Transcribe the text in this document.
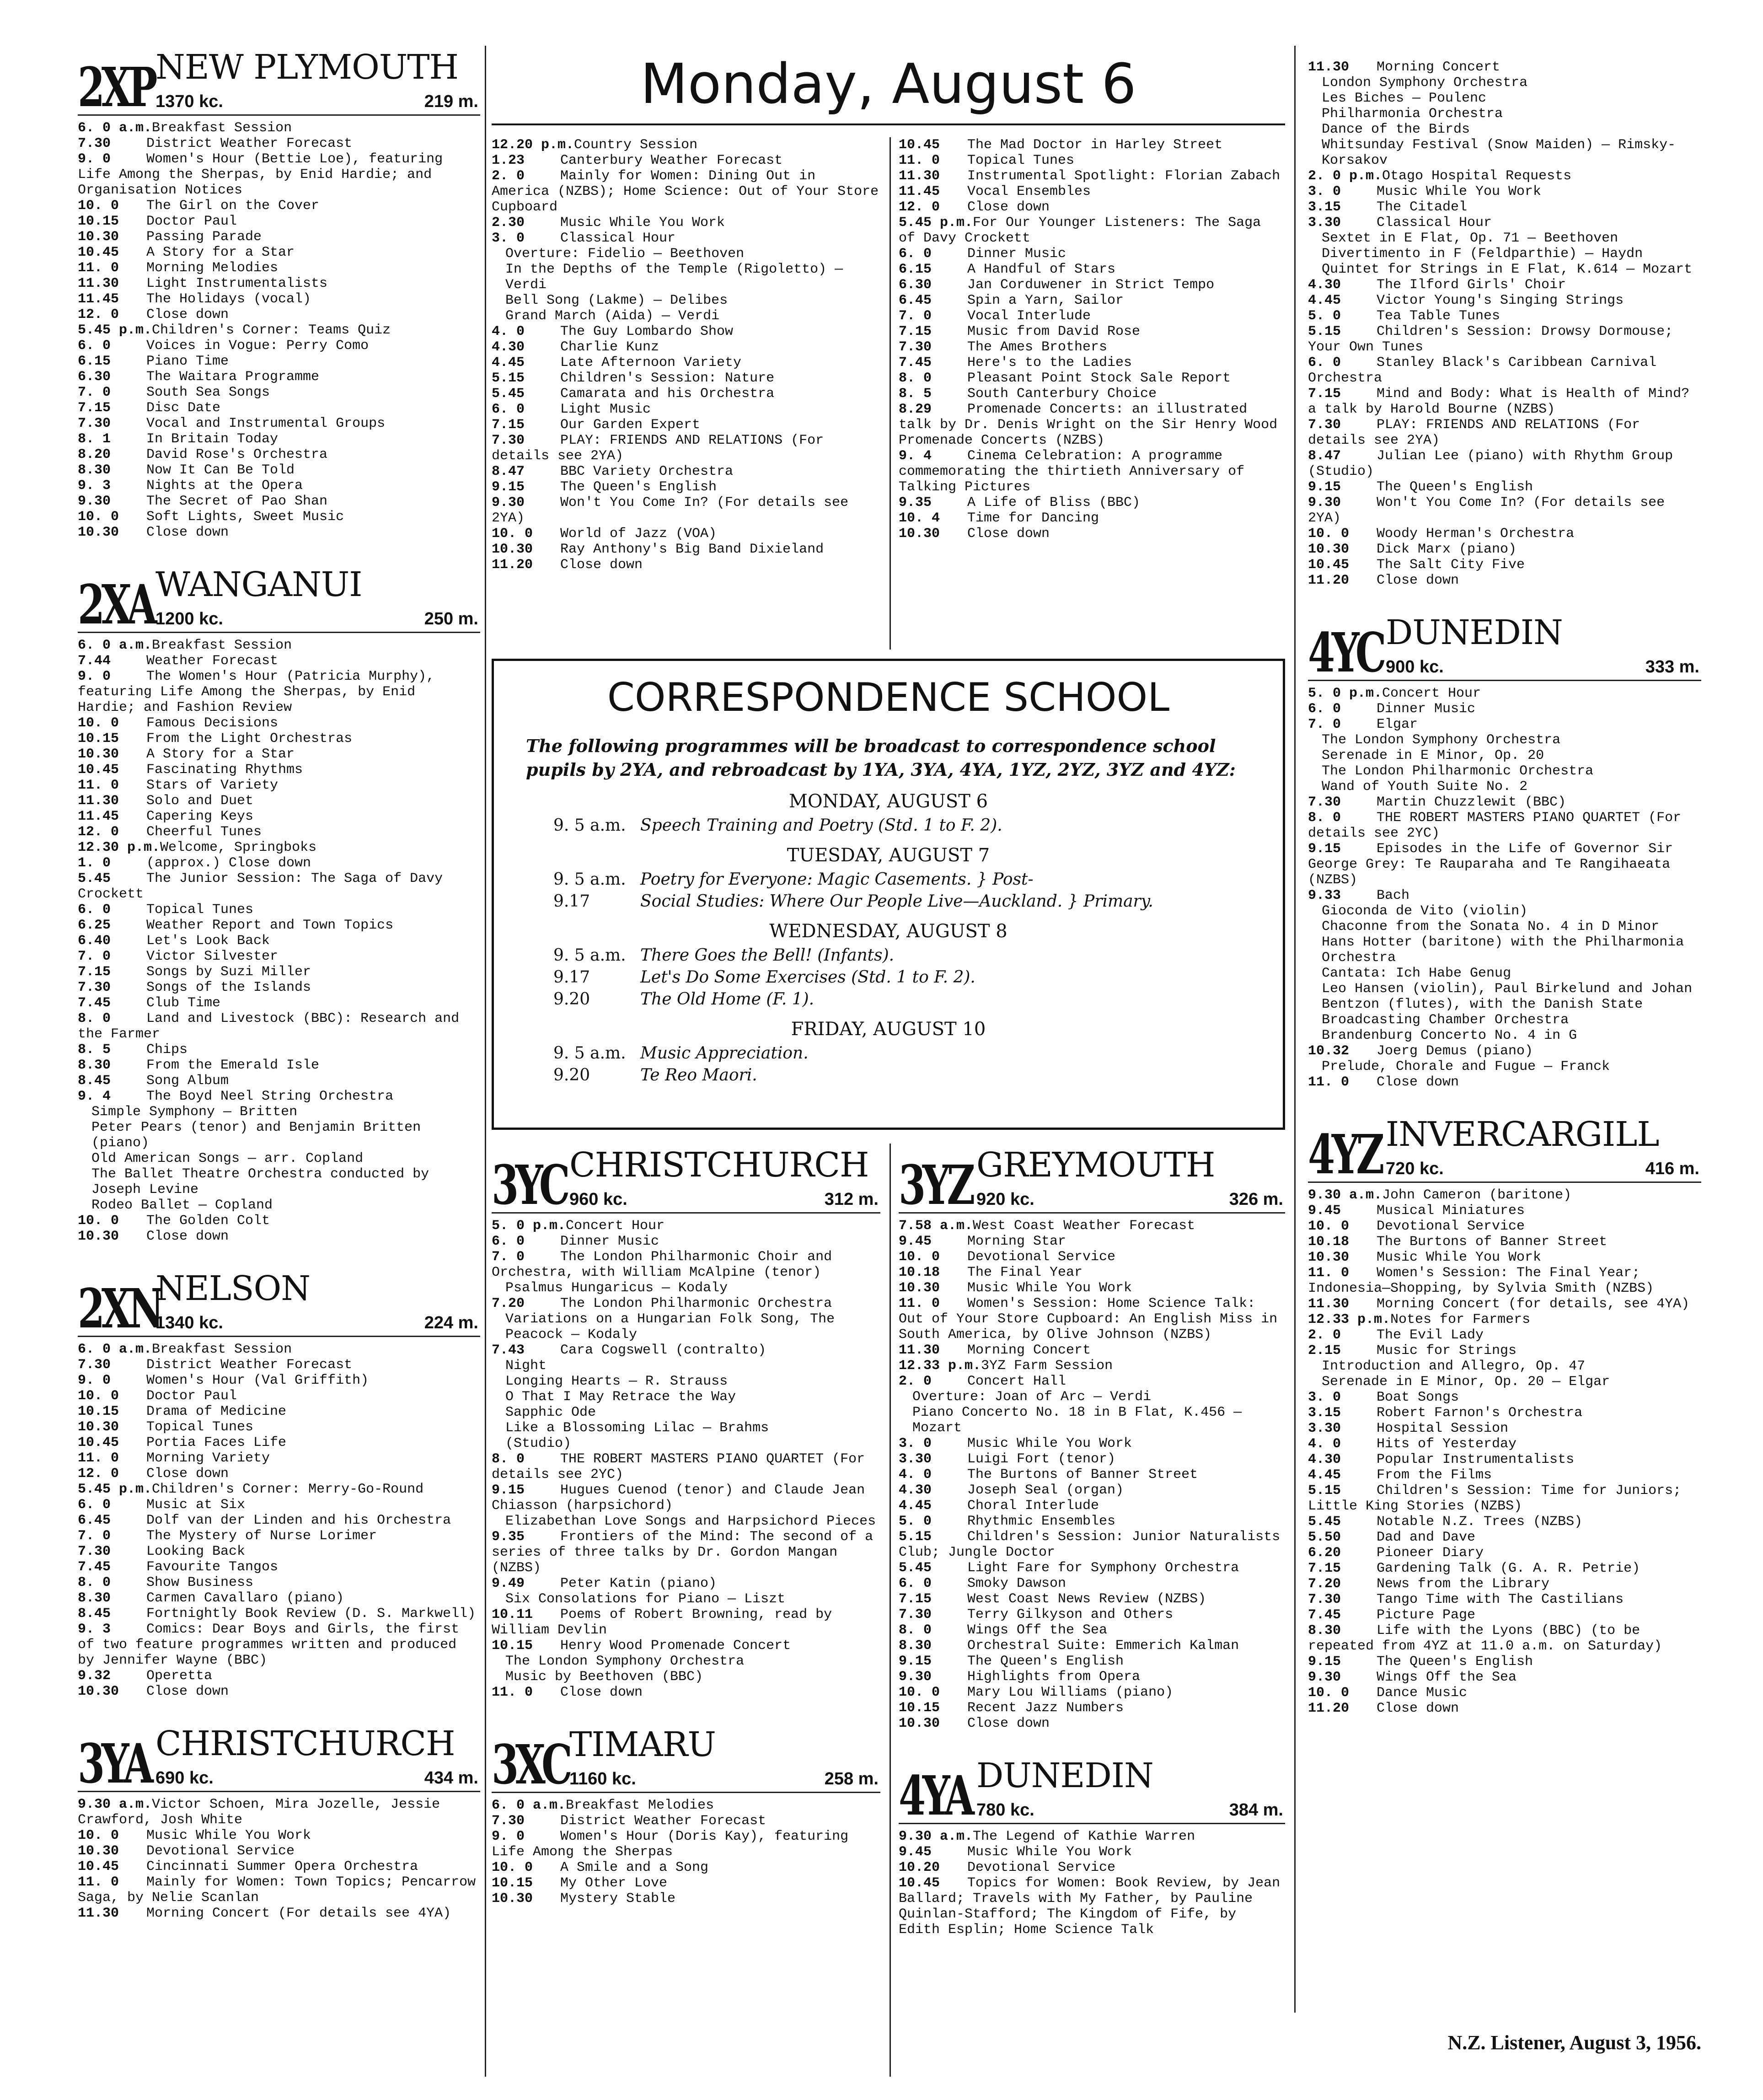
Monday, August 6
2XP NEW PLYMOUTH
1370 kc.	219 m.
6. 0 a.m.Breakfast Session
7.30	District Weather Forecast
9. 0	Women's Hour (Bettie Loe), featuring Life Among the Sherpas, by Enid Hardie; and Organisation Notices
10. 0 The Girl on the Cover
10.15 Doctor Paul
10.30 Passing Parade
10.45 A Story for a Star
11. 0 Morning Melodies
11.30 Light Instrumentalists
11.45 The Holidays (vocal)
12. 0 Close down
5.45 p.m.Children's Corner: Teams Quiz
6. 0	Voices in Vogue: Perry Como
6.15	Piano Time
6.30	The Waitara Programme
7. 0	South Sea Songs
7.15	Disc Date
7.30	Vocal and Instrumental Groups
8. 1	In Britain Today
8.20	David Rose's Orchestra
8.30	Now It Can Be Told
9. 3	Nights at the Opera
9.30	The Secret of Pao Shan
10. 0 Soft Lights, Sweet Music
10.30 Close down
2XA WANGANUI
1200 kc.	250 m.
6. 0 a.m.Breakfast Session
7.44	Weather Forecast
9. 0	The Women's Hour (Patricia Murphy), featuring Life Among the Sherpas, by Enid Hardie; and Fashion Review
10. 0 Famous Decisions
10.15 From the Light Orchestras
10.30 A Story for a Star
10.45 Fascinating Rhythms
11. 0 Stars of Variety
11.30 Solo and Duet
11.45 Capering Keys
12. 0 Cheerful Tunes
12.30 p.m.Welcome, Springboks
1. 0	(approx.) Close down
5.45	The Junior Session: The Saga of Davy Crockett
6. 0	Topical Tunes
6.25	Weather Report and Town Topics
6.40	Let's Look Back
7. 0	Victor Silvester
7.15	Songs by Suzi Miller
7.30	Songs of the Islands
7.45	Club Time
8. 0	Land and Livestock (BBC): Research and the Farmer
8. 5	Chips
8.30	From the Emerald Isle
8.45	Song Album
9. 4	The Boyd Neel String Orchestra
Simple Symphony — Britten
Peter Pears (tenor) and Benjamin Britten (piano)
Old American Songs — arr. Copland
The Ballet Theatre Orchestra conducted by Joseph Levine
Rodeo Ballet — Copland
10. 0 The Golden Colt
10.30 Close down
2XN
NELSON
1340 kc.	224 m.
6. 0 a.m.Breakfast Session
7.30	District Weather Forecast
9. 0	Women's Hour (Val Griffith)
10. 0 Doctor Paul
10.15 Drama of Medicine
10.30 Topical Tunes
10.45 Portia Faces Life
11. 0 Morning Variety
12. 0 Close down
5.45 p.m.Children's Corner: Merry-Go-Round
6. 0	Music at Six
6.45	Dolf van der Linden and his Orchestra
7. 0	The Mystery of Nurse Lorimer
7.30	Looking Back
7.45	Favourite Tangos
8. 0	Show Business
8.30	Carmen Cavallaro (piano)
8.45	Fortnightly Book Review (D. S. Markwell)
9. 3	Comics: Dear Boys and Girls, the first of two feature programmes written and produced by Jennifer Wayne (BBC)
9.32	Operetta
10.30 Close down
3YA CHRISTCHURCH
690 kc.	434 m.
9.30 a.m.Victor Schoen, Mira Jozelle, Jessie Crawford, Josh White
10. 0 Music While You Work
10.30 Devotional Service
10.45 Cincinnati Summer Opera Orchestra
11. 0 Mainly for Women: Town Topics; Pencarrow Saga, by Nelie Scanlan
11.30 Morning Concert (For details see 4YA)
12.20 p.m.Country Session
1.23	Canterbury Weather Forecast
2. 0	Mainly for Women: Dining Out in America (NZBS); Home Science: Out of Your Store Cupboard
2.30	Music While You Work
3. 0	Classical Hour
Overture: Fidelio — Beethoven
In the Depths of the Temple (Rigoletto) — Verdi
Bell Song (Lakme) — Delibes
Grand March (Aida) — Verdi
4. 0	The Guy Lombardo Show
4.30	Charlie Kunz
4.45	Late Afternoon Variety
5.15	Children's Session: Nature
5.45	Camarata and his Orchestra
6. 0	Light Music
7.15	Our Garden Expert
7.30	PLAY: FRIENDS AND RELATIONS (For details see 2YA)
8.47	BBC Variety Orchestra
9.15	The Queen's English
9.30	Won't You Come In? (For details see 2YA)
10. 0 World of Jazz (VOA)
10.30 Ray Anthony's Big Band Dixieland
11.20 Close down
10.45 The Mad Doctor in Harley Street
11. 0 Topical Tunes
11.30 Instrumental Spotlight: Florian Zabach
11.45 Vocal Ensembles
12. 0 Close down
5.45 p.m.For Our Younger Listeners: The Saga of Davy Crockett
6. 0	Dinner Music
6.15	A Handful of Stars
6.30	Jan Corduwener in Strict Tempo
6.45	Spin a Yarn, Sailor
7. 0	Vocal Interlude
7.15	Music from David Rose
7.30	The Ames Brothers
7.45	Here's to the Ladies
8. 0	Pleasant Point Stock Sale Report
8. 5	South Canterbury Choice
8.29	Promenade Concerts: an illustrated talk by Dr. Denis Wright on the Sir Henry Wood Promenade Concerts (NZBS)
9. 4	Cinema Celebration: A programme commemorating the thirtieth Anniversary of Talking Pictures
9.35	A Life of Bliss (BBC)
10. 4 Time for Dancing
10.30 Close down
CORRESPONDENCE SCHOOL
The following programmes will be broadcast to correspondence school pupils by 2YA, and rebroadcast by 1YA, 3YA, 4YA, 1YZ, 2YZ, 3YZ and 4YZ:
MONDAY, AUGUST 6
9. 5 a.m. Speech Training and Poetry (Std. 1 to F. 2).
TUESDAY, AUGUST 7
9. 5 a.m. Poetry for Everyone: Magic Casements. } Post-
9.17	Social Studies: Where Our People Live—Auckland. } Primary.
WEDNESDAY, AUGUST 8
9. 5 a.m. There Goes the Bell! (Infants).
9.17	Let's Do Some Exercises (Std. 1 to F. 2).
9.20	The Old Home (F. 1).
FRIDAY, AUGUST 10
9. 5 a.m. Music Appreciation.
9.20	Te Reo Maori.
3YC CHRISTCHURCH
960 kc.	312 m.
5. 0 p.m.Concert Hour
6. 0	Dinner Music
7. 0	The London Philharmonic Choir and Orchestra, with William McAlpine (tenor)
Psalmus Hungaricus — Kodaly
7.20	The London Philharmonic Orchestra
Variations on a Hungarian Folk Song, The Peacock — Kodaly
7.43	Cara Cogswell (contralto)
Night
Longing Hearts — R. Strauss
O That I May Retrace the Way
Sapphic Ode
Like a Blossoming Lilac — Brahms
(Studio)
8. 0	THE ROBERT MASTERS PIANO QUARTET (For details see 2YC)
9.15	Hugues Cuenod (tenor) and Claude Jean Chiasson (harpsichord)
Elizabethan Love Songs and Harpsichord Pieces
9.35	Frontiers of the Mind: The second of a series of three talks by Dr. Gordon Mangan (NZBS)
9.49	Peter Katin (piano)
Six Consolations for Piano — Liszt
10.11 Poems of Robert Browning, read by William Devlin
10.15 Henry Wood Promenade Concert
The London Symphony Orchestra
Music by Beethoven (BBC)
11. 0 Close down
3XC TIMARU
1160 kc.	258 m.
6. 0 a.m.Breakfast Melodies
7.30	District Weather Forecast
9. 0	Women's Hour (Doris Kay), featuring Life Among the Sherpas
10. 0 A Smile and a Song
10.15 My Other Love
10.30 Mystery Stable
3YZ GREYMOUTH
920 kc.	326 m.
7.58 a.m.West Coast Weather Forecast
9.45	Morning Star
10. 0 Devotional Service
10.18 The Final Year
10.30 Music While You Work
11. 0 Women's Session: Home Science Talk: Out of Your Store Cupboard: An English Miss in South America, by Olive Johnson (NZBS)
11.30 Morning Concert
12.33 p.m.3YZ Farm Session
2. 0	Concert Hall
Overture: Joan of Arc — Verdi
Piano Concerto No. 18 in B Flat, K.456 — Mozart
3. 0	Music While You Work
3.30	Luigi Fort (tenor)
4. 0	The Burtons of Banner Street
4.30	Joseph Seal (organ)
4.45	Choral Interlude
5. 0	Rhythmic Ensembles
5.15	Children's Session: Junior Naturalists Club; Jungle Doctor
5.45	Light Fare for Symphony Orchestra
6. 0	Smoky Dawson
7.15	West Coast News Review (NZBS)
7.30	Terry Gilkyson and Others
8. 0	Wings Off the Sea
8.30	Orchestral Suite: Emmerich Kalman
9.15	The Queen's English
9.30	Highlights from Opera
10. 0 Mary Lou Williams (piano)
10.15 Recent Jazz Numbers
10.30 Close down
4YA DUNEDIN
780 kc.	384 m.
9.30 a.m.The Legend of Kathie Warren
9.45	Music While You Work
10.20 Devotional Service
10.45 Topics for Women: Book Review, by Jean Ballard; Travels with My Father, by Pauline Quinlan-Stafford; The Kingdom of Fife, by Edith Esplin; Home Science Talk
11.30 Morning Concert
London Symphony Orchestra
Les Biches — Poulenc
Philharmonia Orchestra
Dance of the Birds
Whitsunday Festival (Snow Maiden) — Rimsky-Korsakov
2. 0 p.m.Otago Hospital Requests
3. 0	Music While You Work
3.15	The Citadel
3.30	Classical Hour
Sextet in E Flat, Op. 71 — Beethoven
Divertimento in F (Feldparthie) — Haydn
Quintet for Strings in E Flat, K.614 — Mozart
4.30	The Ilford Girls' Choir
4.45	Victor Young's Singing Strings
5. 0	Tea Table Tunes
5.15	Children's Session: Drowsy Dormouse; Your Own Tunes
6. 0	Stanley Black's Caribbean Carnival Orchestra
7.15	Mind and Body: What is Health of Mind? a talk by Harold Bourne (NZBS)
7.30	PLAY: FRIENDS AND RELATIONS (For details see 2YA)
8.47	Julian Lee (piano) with Rhythm Group (Studio)
9.15	The Queen's English
9.30	Won't You Come In? (For details see 2YA)
10. 0 Woody Herman's Orchestra
10.30 Dick Marx (piano)
10.45 The Salt City Five
11.20 Close down
4YC DUNEDIN
900 kc.	333 m.
5. 0 p.m.Concert Hour
6. 0	Dinner Music
7. 0	Elgar
The London Symphony Orchestra
Serenade in E Minor, Op. 20
The London Philharmonic Orchestra
Wand of Youth Suite No. 2
7.30	Martin Chuzzlewit (BBC)
8. 0	THE ROBERT MASTERS PIANO QUARTET (For details see 2YC)
9.15	Episodes in the Life of Governor Sir George Grey: Te Rauparaha and Te Rangihaeata (NZBS)
9.33	Bach
Gioconda de Vito (violin)
Chaconne from the Sonata No. 4 in D Minor
Hans Hotter (baritone) with the Philharmonia Orchestra
Cantata: Ich Habe Genug
Leo Hansen (violin), Paul Birkelund and Johan Bentzon (flutes), with the Danish State Broadcasting Chamber Orchestra
Brandenburg Concerto No. 4 in G
10.32 Joerg Demus (piano)
Prelude, Chorale and Fugue — Franck
11. 0 Close down
4YZ INVERCARGILL
720 kc.	416 m.
9.30 a.m.John Cameron (baritone)
9.45	Musical Miniatures
10. 0 Devotional Service
10.18 The Burtons of Banner Street
10.30 Music While You Work
11. 0 Women's Session: The Final Year; Indonesia—Shopping, by Sylvia Smith (NZBS)
11.30 Morning Concert (for details, see 4YA)
12.33 p.m.Notes for Farmers
2. 0	The Evil Lady
2.15	Music for Strings
Introduction and Allegro, Op. 47
Serenade in E Minor, Op. 20 — Elgar
3. 0	Boat Songs
3.15	Robert Farnon's Orchestra
3.30	Hospital Session
4. 0	Hits of Yesterday
4.30	Popular Instrumentalists
4.45	From the Films
5.15	Children's Session: Time for Juniors; Little King Stories (NZBS)
5.45	Notable N.Z. Trees (NZBS)
5.50	Dad and Dave
6.20	Pioneer Diary
7.15	Gardening Talk (G. A. R. Petrie)
7.20	News from the Library
7.30	Tango Time with The Castilians
7.45	Picture Page
8.30	Life with the Lyons (BBC) (to be repeated from 4YZ at 11.0 a.m. on Saturday)
9.15	The Queen's English
9.30	Wings Off the Sea
10. 0 Dance Music
11.20 Close down
N.Z. Listener, August 3, 1956.
